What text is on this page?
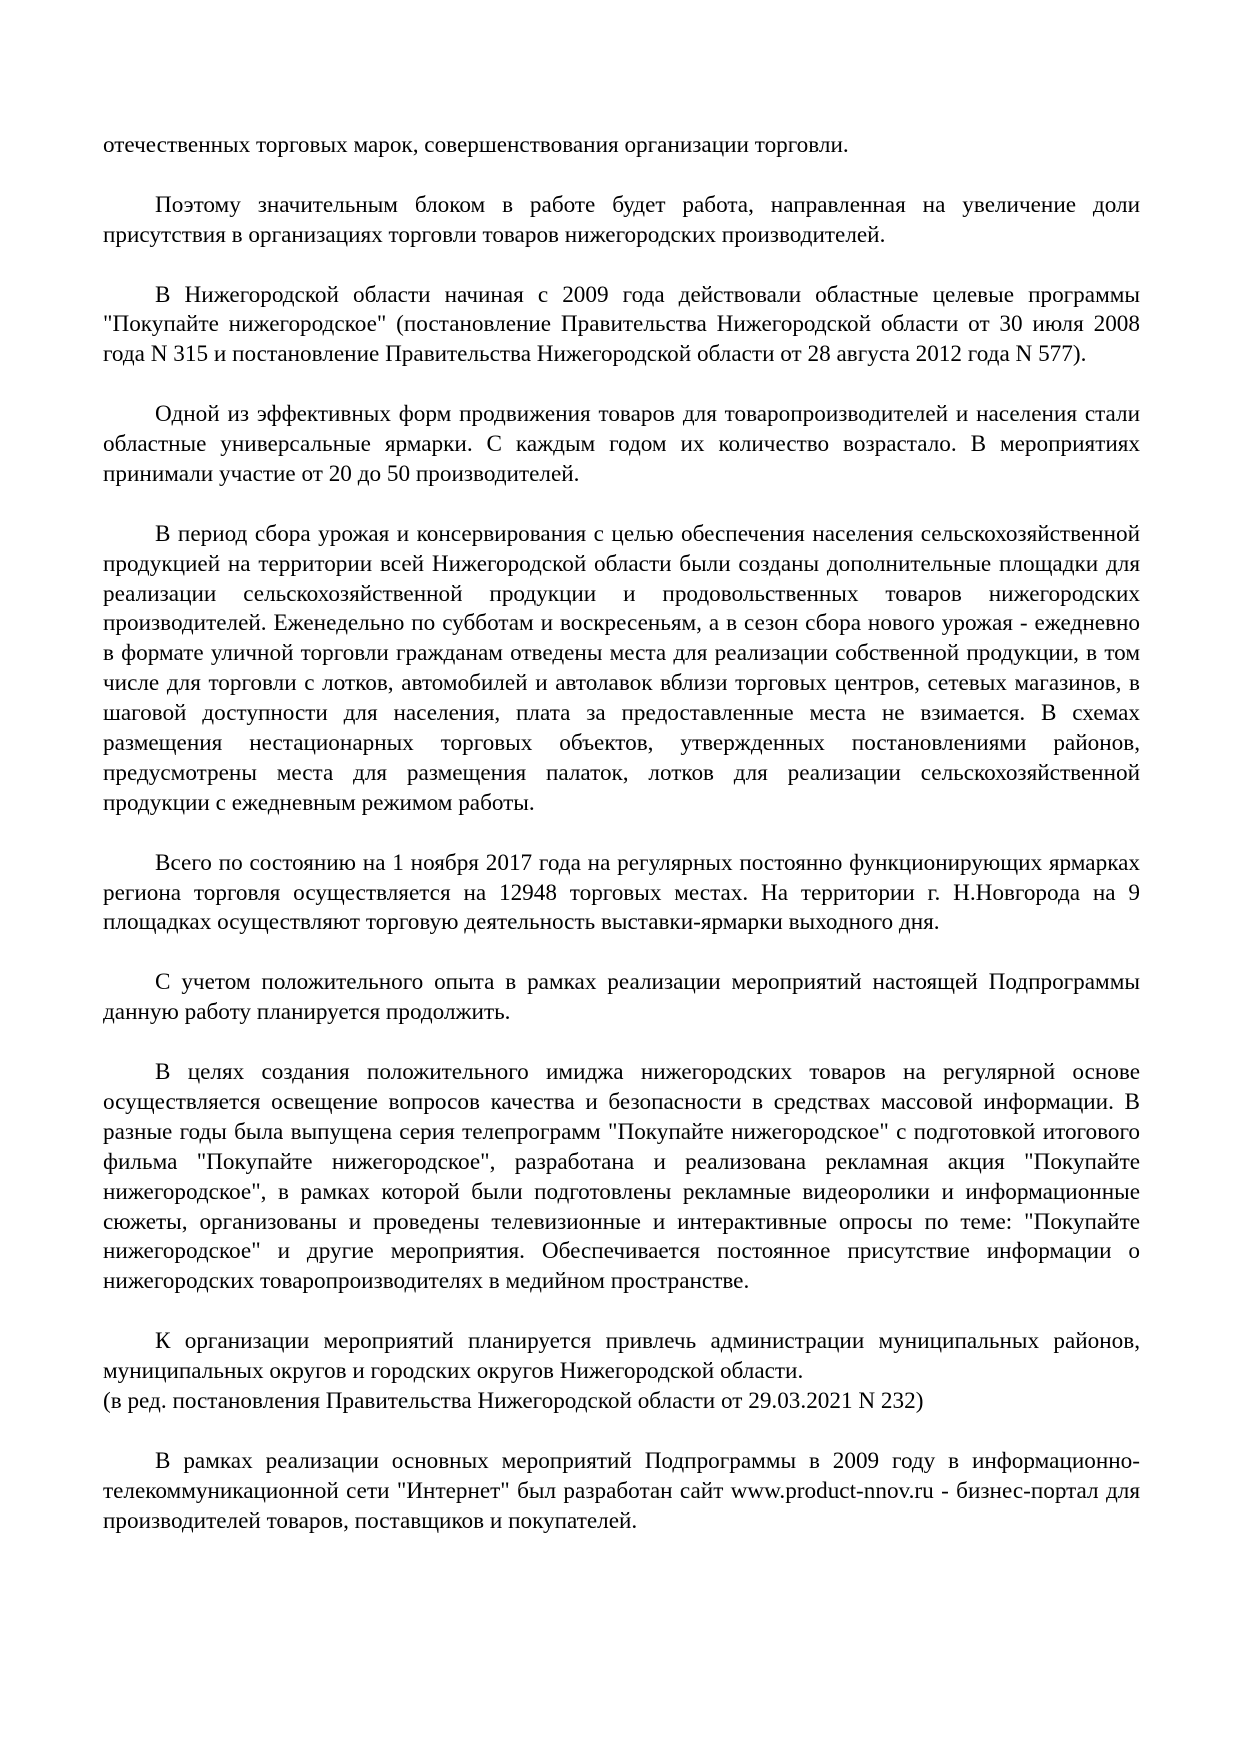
отечественных торговых марок, совершенствования организации торговли.

Поэтому значительным блоком в работе будет работа, направленная на увеличение доли присутствия в организациях торговли товаров нижегородских производителей.

В Нижегородской области начиная с 2009 года действовали областные целевые программы "Покупайте нижегородское" (постановление Правительства Нижегородской области от 30 июля 2008 года N 315 и постановление Правительства Нижегородской области от 28 августа 2012 года N 577).

Одной из эффективных форм продвижения товаров для товаропроизводителей и населения стали областные универсальные ярмарки. С каждым годом их количество возрастало. В мероприятиях принимали участие от 20 до 50 производителей.

В период сбора урожая и консервирования с целью обеспечения населения сельскохозяйственной продукцией на территории всей Нижегородской области были созданы дополнительные площадки для реализации сельскохозяйственной продукции и продовольственных товаров нижегородских производителей. Еженедельно по субботам и воскресеньям, а в сезон сбора нового урожая - ежедневно в формате уличной торговли гражданам отведены места для реализации собственной продукции, в том числе для торговли с лотков, автомобилей и автолавок вблизи торговых центров, сетевых магазинов, в шаговой доступности для населения, плата за предоставленные места не взимается. В схемах размещения нестационарных торговых объектов, утвержденных постановлениями районов, предусмотрены места для размещения палаток, лотков для реализации сельскохозяйственной продукции с ежедневным режимом работы.

Всего по состоянию на 1 ноября 2017 года на регулярных постоянно функционирующих ярмарках региона торговля осуществляется на 12948 торговых местах. На территории г. Н.Новгорода на 9 площадках осуществляют торговую деятельность выставки-ярмарки выходного дня.

С учетом положительного опыта в рамках реализации мероприятий настоящей Подпрограммы данную работу планируется продолжить.

В целях создания положительного имиджа нижегородских товаров на регулярной основе осуществляется освещение вопросов качества и безопасности в средствах массовой информации. В разные годы была выпущена серия телепрограмм "Покупайте нижегородское" с подготовкой итогового фильма "Покупайте нижегородское", разработана и реализована рекламная акция "Покупайте нижегородское", в рамках которой были подготовлены рекламные видеоролики и информационные сюжеты, организованы и проведены телевизионные и интерактивные опросы по теме: "Покупайте нижегородское" и другие мероприятия. Обеспечивается постоянное присутствие информации о нижегородских товаропроизводителях в медийном пространстве.

К организации мероприятий планируется привлечь администрации муниципальных районов, муниципальных округов и городских округов Нижегородской области.

(в ред. постановления Правительства Нижегородской области от 29.03.2021 N 232)

В рамках реализации основных мероприятий Подпрограммы в 2009 году в информационно-телекоммуникационной сети "Интернет" был разработан сайт www.product-nnov.ru - бизнес-портал для производителей товаров, поставщиков и покупателей.
